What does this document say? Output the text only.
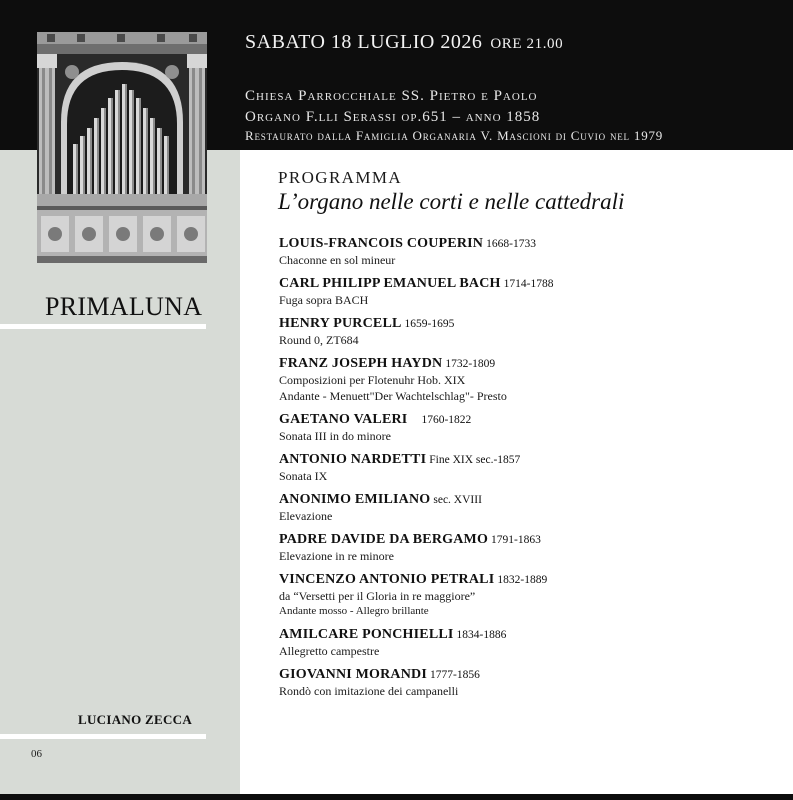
SABATO 18 LUGLIO 2026 ORE 21.00
Chiesa Parrocchiale SS. Pietro e Paolo
Organo F.lli Serassi op.651 – anno 1858
Restaurato dalla Famiglia Organaria V. Mascioni di Cuvio nel 1979
PRIMALUNA
LUCIANO ZECCA
06
PROGRAMMA
L’organo nelle corti e nelle cattedrali
LOUIS-FRANCOIS COUPERIN 1668-1733
Chaconne en sol mineur
CARL PHILIPP EMANUEL BACH 1714-1788
Fuga sopra BACH
HENRY PURCELL 1659-1695
Round 0, ZT684
FRANZ JOSEPH HAYDN 1732-1809
Composizioni per Flotenuhr Hob. XIX
Andante - Menuett"Der Wachtelschlag"- Presto
GAETANO VALERI 1760-1822
Sonata III in do minore
ANTONIO NARDETTI Fine XIX sec.-1857
Sonata IX
ANONIMO EMILIANO sec. XVIII
Elevazione
PADRE DAVIDE DA BERGAMO 1791-1863
Elevazione in re minore
VINCENZO ANTONIO PETRALI 1832-1889
da “Versetti per il Gloria in re maggiore”
Andante mosso - Allegro brillante
AMILCARE PONCHIELLI 1834-1886
Allegretto campestre
GIOVANNI MORANDI 1777-1856
Rondò con imitazione dei campanelli
